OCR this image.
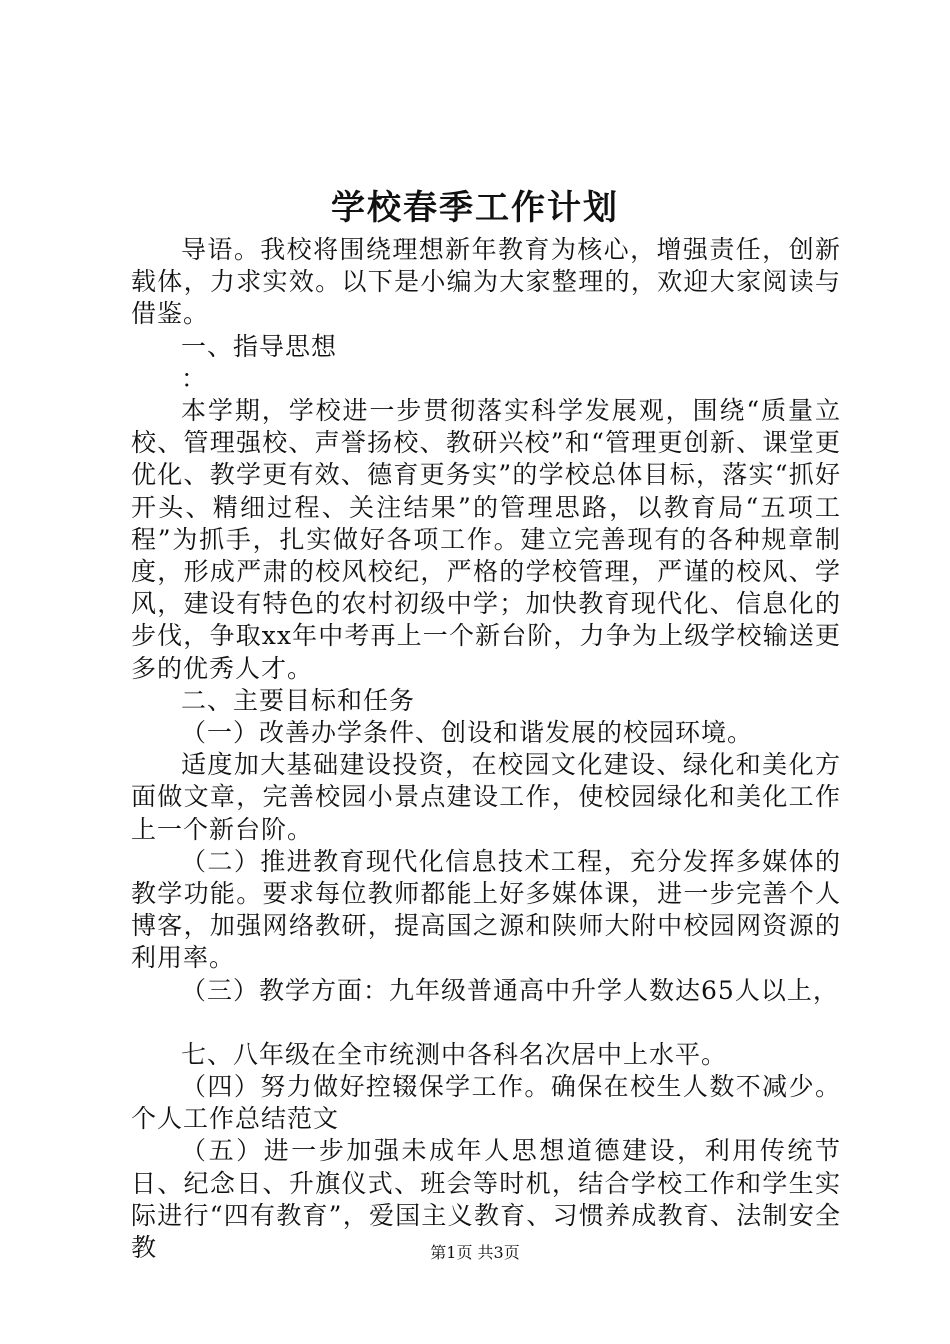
学校春季工作计划

导语。我校将围绕理想新年教育为核心，增强责任，创新载体，力求实效。以下是小编为大家整理的，欢迎大家阅读与借鉴。

一、指导思想

：

本学期，学校进一步贯彻落实科学发展观，围绕“质量立校、管理强校、声誉扬校、教研兴校”和“管理更创新、课堂更优化、教学更有效、德育更务实”的学校总体目标，落实“抓好开头、精细过程、关注结果”的管理思路，以教育局“五项工程”为抓手，扎实做好各项工作。建立完善现有的各种规章制度，形成严肃的校风校纪，严格的学校管理，严谨的校风、学风，建设有特色的农村初级中学；加快教育现代化、信息化的步伐，争取xx年中考再上一个新台阶，力争为上级学校输送更多的优秀人才。

二、主要目标和任务

（一）改善办学条件、创设和谐发展的校园环境。

适度加大基础建设投资，在校园文化建设、绿化和美化方面做文章，完善校园小景点建设工作，使校园绿化和美化工作上一个新台阶。

（二）推进教育现代化信息技术工程，充分发挥多媒体的教学功能。要求每位教师都能上好多媒体课，进一步完善个人博客，加强网络教研，提高国之源和陕师大附中校园网资源的利用率。

（三）教学方面：九年级普通高中升学人数达65人以上，

七、八年级在全市统测中各科名次居中上水平。

（四）努力做好控辍保学工作。确保在校生人数不减少。个人工作总结范文

（五）进一步加强未成年人思想道德建设，利用传统节日、纪念日、升旗仪式、班会等时机，结合学校工作和学生实际进行“四有教育”，爱国主义教育、习惯养成教育、法制安全教	第1页 共3页
